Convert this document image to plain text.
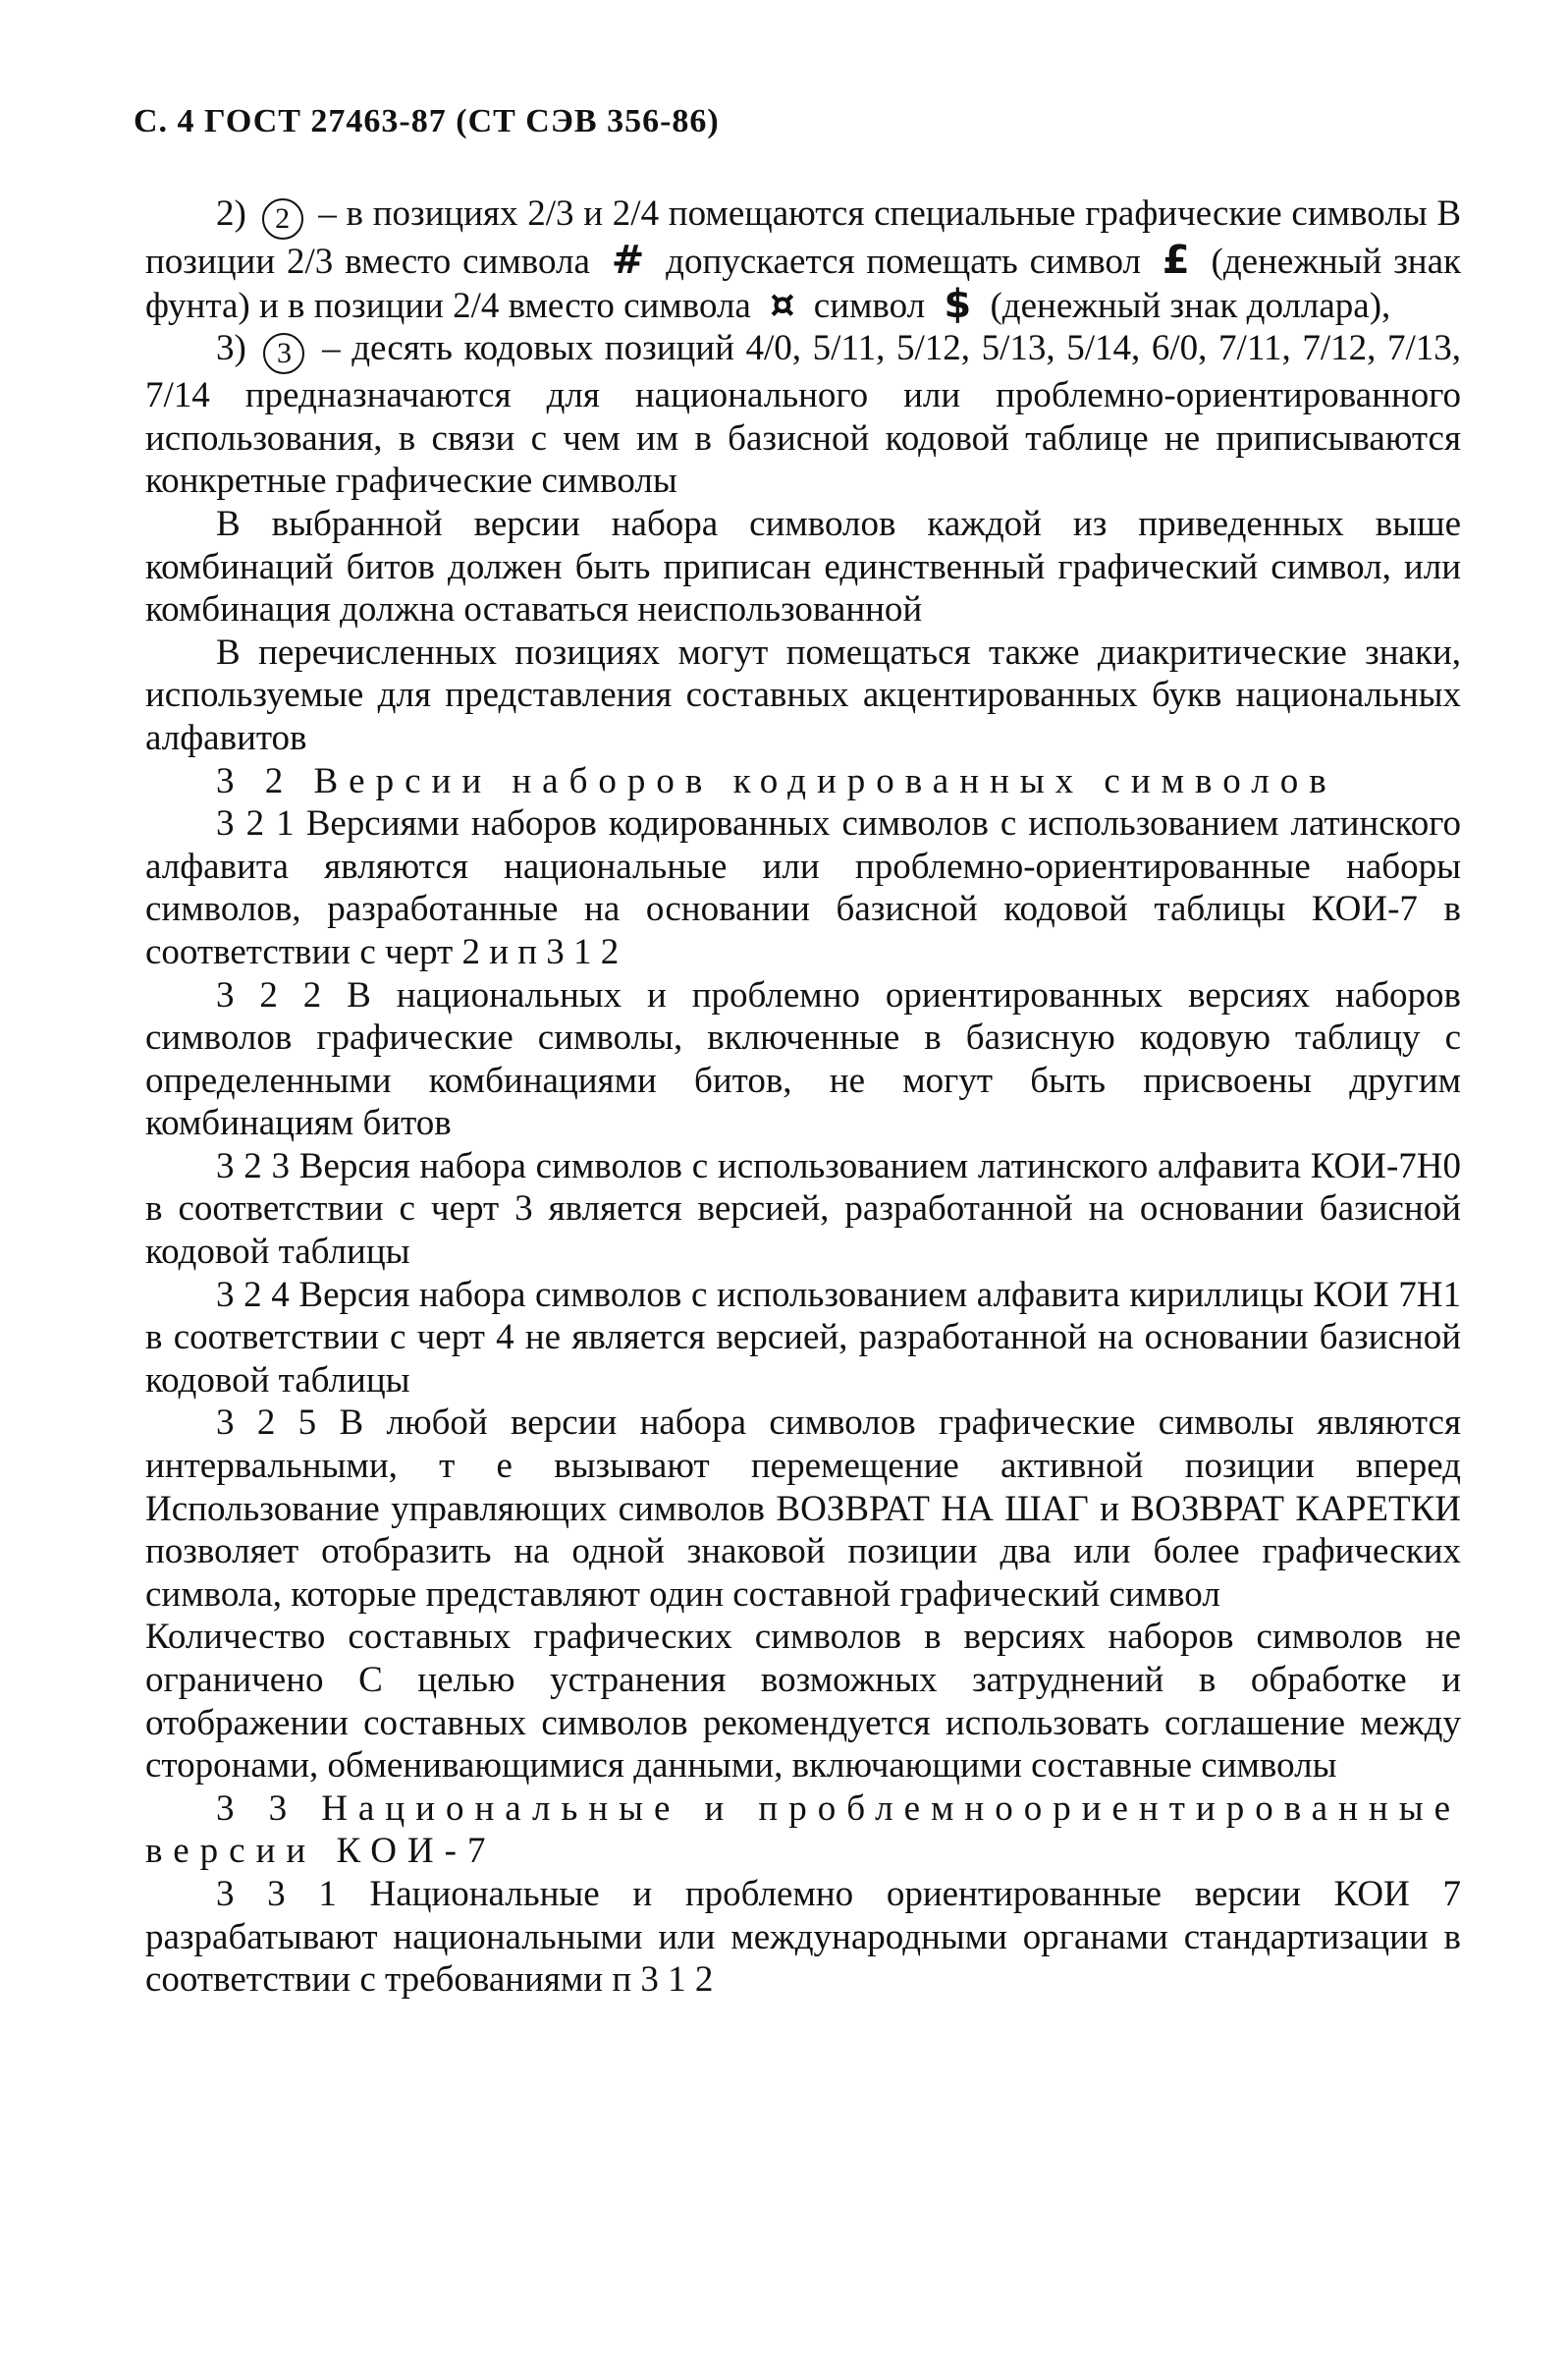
С. 4 ГОСТ 27463-87 (СТ СЭВ 356-86)

2) 2 – в позициях 2/3 и 2/4 помещаются специальные графические символы В позиции 2/3 вместо символа # допускается помещать символ £ (денежный знак фунта) и в позиции 2/4 вместо символа ¤ символ $ (денежный знак доллара),

3) 3 – десять кодовых позиций 4/0, 5/11, 5/12, 5/13, 5/14, 6/0, 7/11, 7/12, 7/13, 7/14 предназначаются для национального или проблемно-ориентированного использования, в связи с чем им в базисной кодовой таблице не приписываются конкретные графические символы

В выбранной версии набора символов каждой из приведенных выше комбинаций битов должен быть приписан единственный графический символ, или комбинация должна оставаться неиспользованной

В перечисленных позициях могут помещаться также диакритические знаки, используемые для представления составных акцентированных букв национальных алфавитов

3 2 Версии наборов кодированных символов

3 2 1 Версиями наборов кодированных символов с использованием латинского алфавита являются национальные или проблемно-ориентированные наборы символов, разработанные на основании базисной кодовой таблицы КОИ-7 в соответствии с черт 2 и п 3 1 2

3 2 2 В национальных и проблемно ориентированных версиях наборов символов графические символы, включенные в базисную кодовую таблицу с определенными комбинациями битов, не могут быть присвоены другим комбинациям битов

3 2 3 Версия набора символов с использованием латинского алфавита КОИ-7Н0 в соответствии с черт 3 является версией, разработанной на основании базисной кодовой таблицы

3 2 4 Версия набора символов с использованием алфавита кириллицы КОИ 7Н1 в соответствии с черт 4 не является версией, разработанной на основании базисной кодовой таблицы

3 2 5 В любой версии набора символов графические символы являются интервальными, т е вызывают перемещение активной позиции вперед Использование управляющих символов ВОЗВРАТ НА ШАГ и ВОЗВРАТ КАРЕТКИ позволяет отобразить на одной знаковой позиции два или более графических символа, которые представляют один составной графический символ

Количество составных графических символов в версиях наборов символов не ограничено С целью устранения возможных затруднений в обработке и отображении составных символов рекомендуется использовать соглашение между сторонами, обменивающимися данными, включающими составные символы

3 3 Национальные и проблемноориентированные версии КОИ-7

3 3 1 Национальные и проблемно ориентированные версии КОИ 7 разрабатывают национальными или международными органами стандартизации в соответствии с требованиями п 3 1 2
